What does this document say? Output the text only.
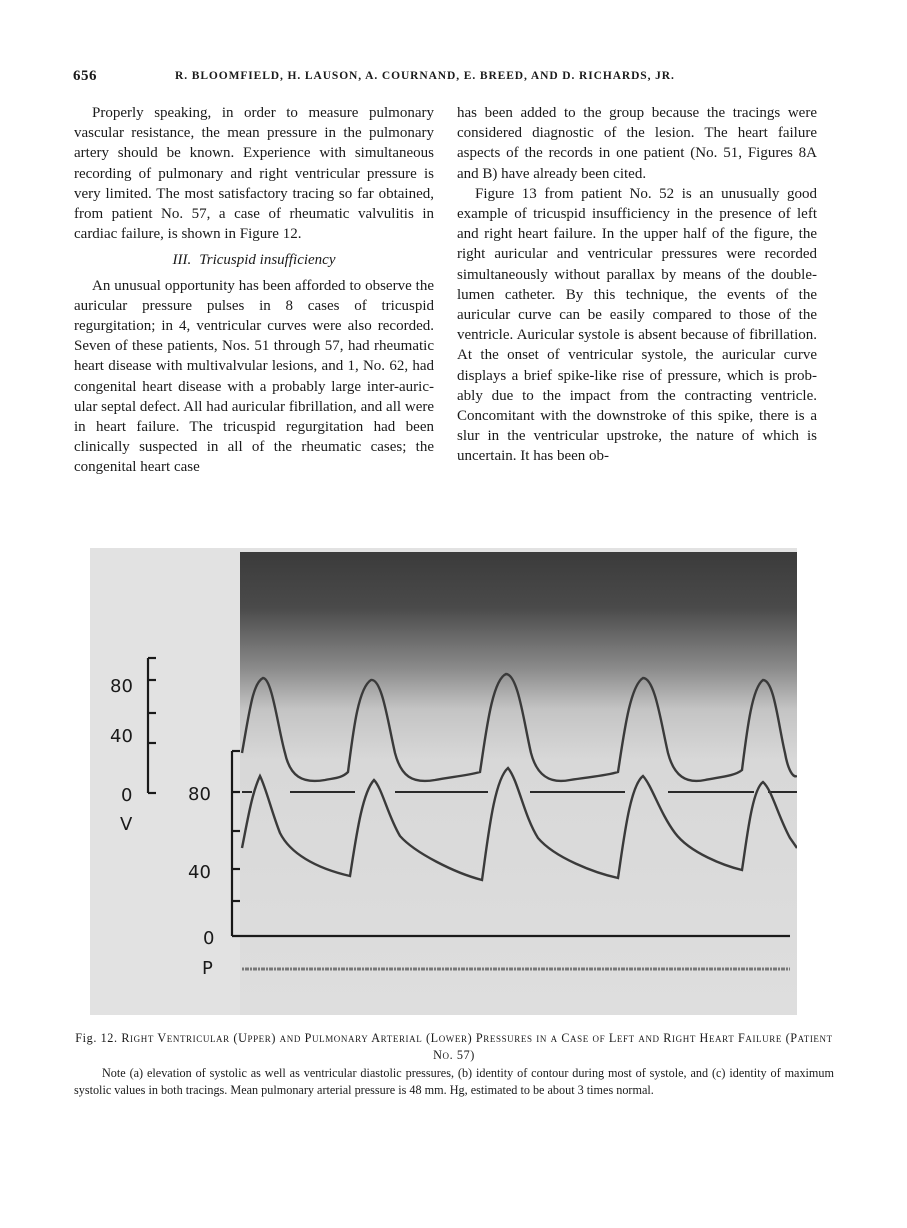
656	R. BLOOMFIELD, H. LAUSON, A. COURNAND, E. BREED, AND D. RICHARDS, JR.

Properly speaking, in order to measure pulmonary vascular resistance, the mean pressure in the pulmonary artery should be known. Experience with simultaneous recording of pulmonary and right ventricular pressure is very limited. The most satisfactory tracing so far obtained, from patient No. 57, a case of rheumatic valvulitis in cardiac failure, is shown in Figure 12.

III. Tricuspid insufficiency

An unusual opportunity has been afforded to observe the auricular pressure pulses in 8 cases of tricuspid regurgitation; in 4, ventricular curves were also recorded. Seven of these patients, Nos. 51 through 57, had rheumatic heart disease with multivalvular lesions, and 1, No. 62, had congenital heart disease with a probably large inter-auricular septal defect. All had auricular fibrillation, and all were in heart failure. The tricuspid regurgitation had been clinically suspected in all of the rheumatic cases; the congenital heart case

has been added to the group because the tracings were considered diagnostic of the lesion. The heart failure aspects of the records in one patient (No. 51, Figures 8A and B) have already been cited.

Figure 13 from patient No. 52 is an unusually good example of tricuspid insufficiency in the presence of left and right heart failure. In the upper half of the figure, the right auricular and ventricular pressures were recorded simultaneously without parallax by means of the double-lumen catheter. By this technique, the events of the auricular curve can be easily compared to those of the ventricle. Auricular systole is absent because of fibrillation. At the onset of ventricular systole, the auricular curve displays a brief spike-like rise of pressure, which is probably due to the impact from the contracting ventricle. Concomitant with the downstroke of this spike, there is a slur in the ventricular upstroke, the nature of which is uncertain. It has been ob-

80
40
0
V
80
40
0
P
Fig. 12. Right Ventricular (Upper) and Pulmonary Arterial (Lower) Pressures in a Case of Left and Right Heart Failure (Patient No. 57)
Note (a) elevation of systolic as well as ventricular diastolic pressures, (b) identity of contour during most of systole, and (c) identity of maximum systolic values in both tracings. Mean pulmonary arterial pressure is 48 mm. Hg, estimated to be about 3 times normal.
